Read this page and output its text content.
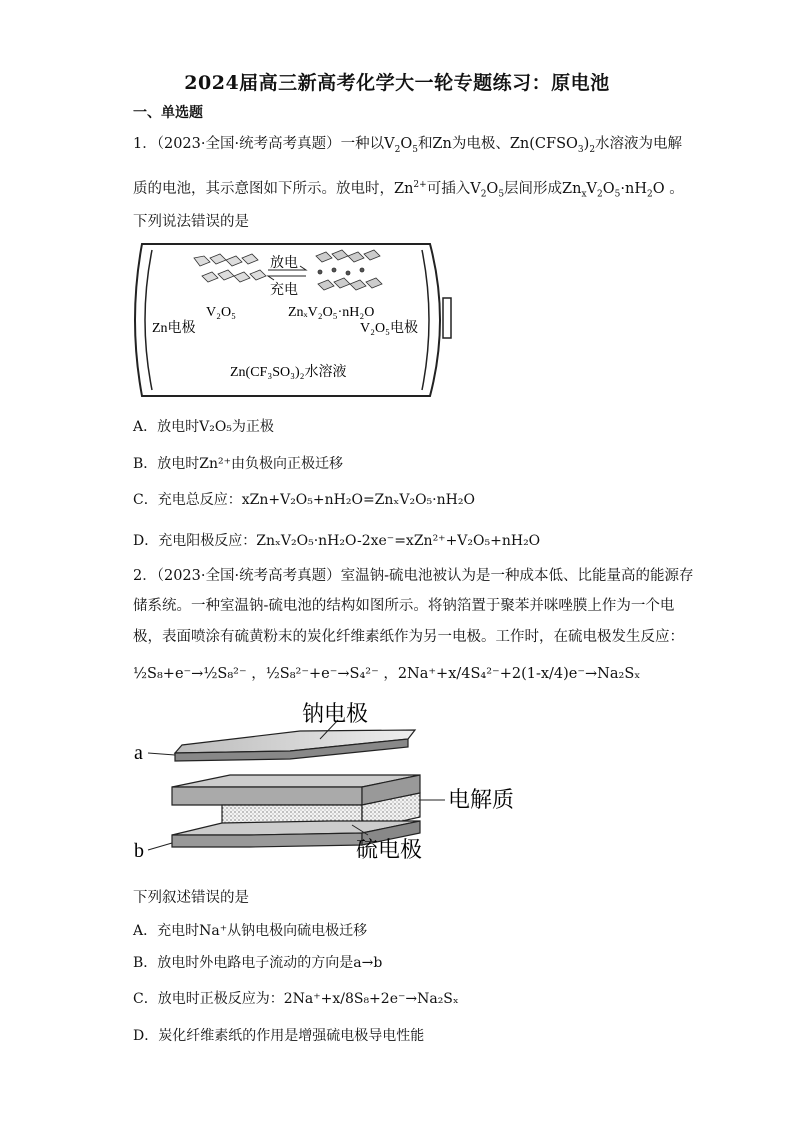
2024届高三新高考化学大一轮专题练习：原电池
一、单选题
1．（2023·全国·统考高考真题）一种以$V_2O_5$和Zn为电极、$Zn(CFSO_3)_2$水溶液为电解
质的电池，其示意图如下所示。放电时，$Zn^{2+}$可插入$V_2O_5$层间形成$Zn_xV_2O_5\cdot nH_2O$ 。
下列说法错误的是
放电
充电
V₂O₅	ZnₓV₂O₅·nH₂O
Zn电极	V₂O₅电极
Zn(CF₃SO₃)₂水溶液
A．放电时V₂O₅为正极
B．放电时Zn²⁺由负极向正极迁移
C．充电总反应：xZn+V₂O₅+nH₂O=ZnₓV₂O₅·nH₂O
D．充电阳极反应：ZnₓV₂O₅·nH₂O-2xe⁻=xZn²⁺+V₂O₅+nH₂O
2．（2023·全国·统考高考真题）室温钠-硫电池被认为是一种成本低、比能量高的能源存
储系统。一种室温钠-硫电池的结构如图所示。将钠箔置于聚苯并咪唑膜上作为一个电
极，表面喷涂有硫黄粉末的炭化纤维素纸作为另一电极。工作时，在硫电极发生反应：
½S₈+e⁻→½S₈²⁻ ，½S₈²⁻+e⁻→S₄²⁻ ，2Na⁺+x/4S₄²⁻+2(1-x/4)e⁻→Na₂Sₓ
a
b
钠电极
电解质
硫电极
下列叙述错误的是
A．充电时Na⁺从钠电极向硫电极迁移
B．放电时外电路电子流动的方向是a→b
C．放电时正极反应为：2Na⁺+x/8S₈+2e⁻→Na₂Sₓ
D．炭化纤维素纸的作用是增强硫电极导电性能
